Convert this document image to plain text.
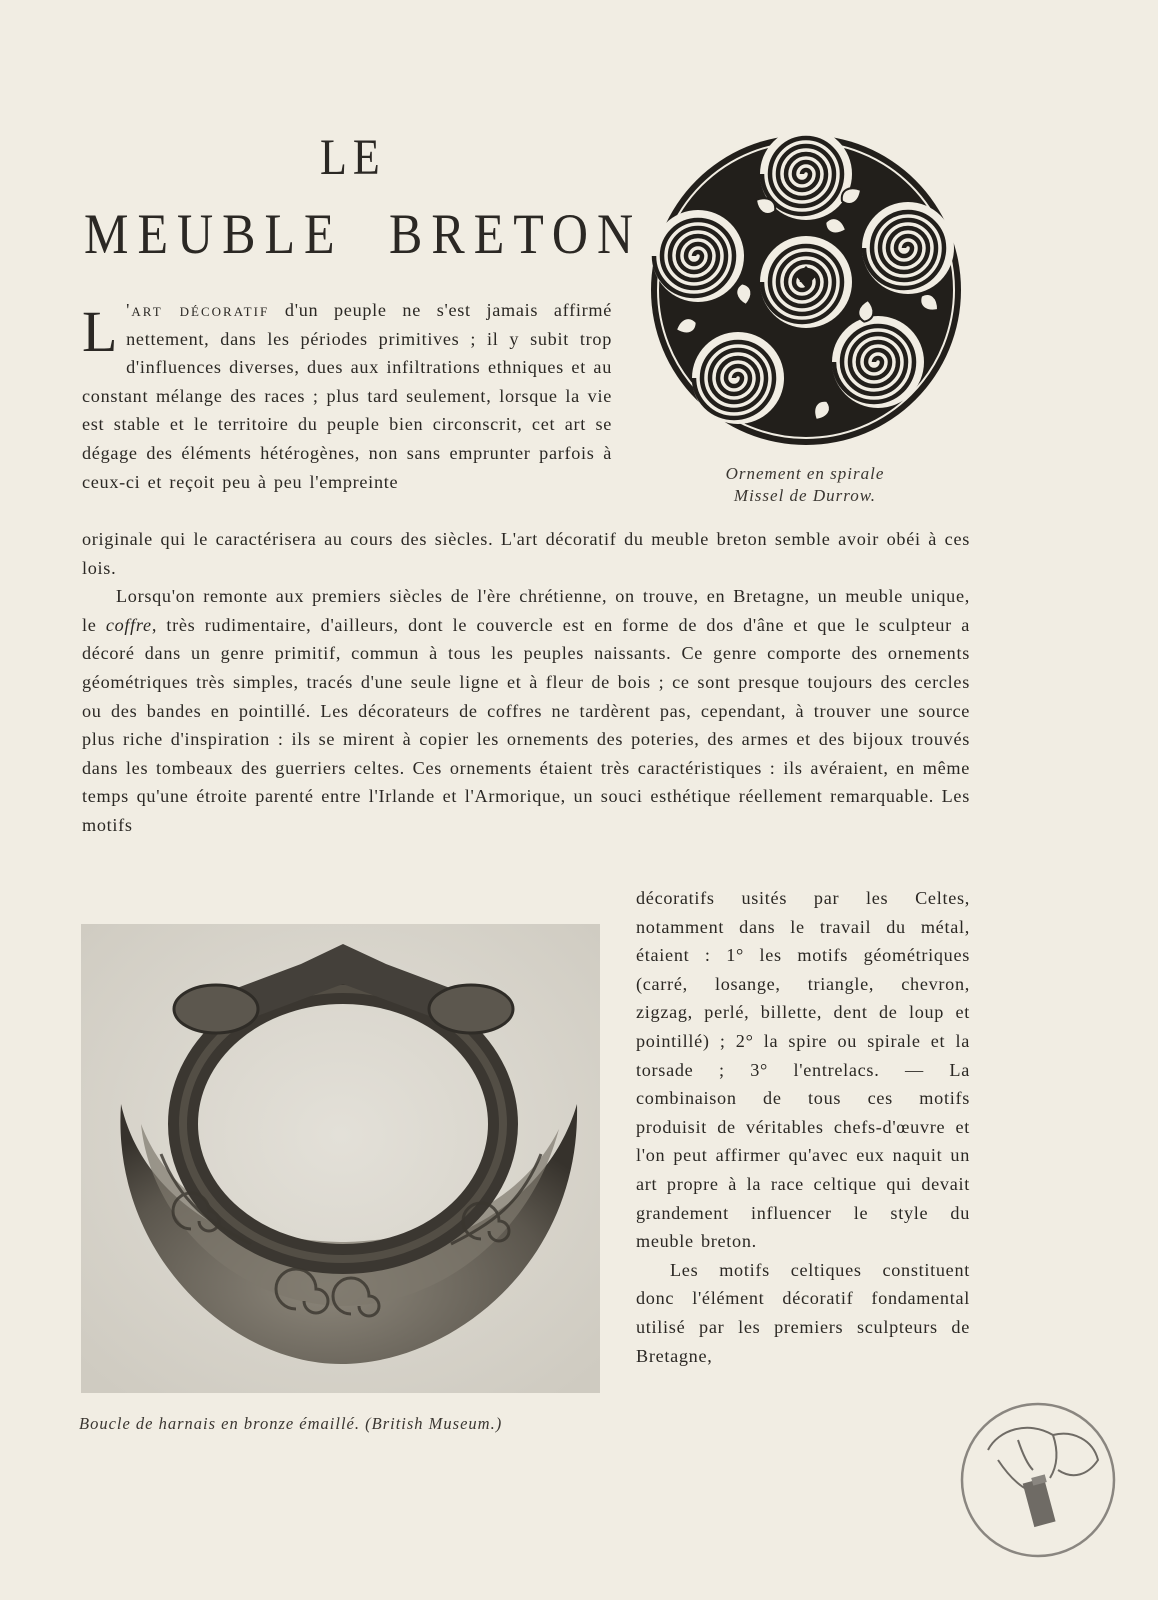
LE
MEUBLE BRETON
Ornement en spirale
Missel de Durrow.
L 'art décoratif d'un peuple ne s'est jamais affirmé nettement, dans les périodes primitives ; il y subit trop d'influences diverses, dues aux infiltrations ethniques et au constant mélange des races ; plus tard seulement, lorsque la vie est stable et le territoire du peuple bien circonscrit, cet art se dégage des éléments hétérogènes, non sans emprunter parfois à ceux-ci et reçoit peu à peu l'empreinte

originale qui le caractérisera au cours des siècles. L'art décoratif du meuble breton semble avoir obéi à ces lois.

Lorsqu'on remonte aux premiers siècles de l'ère chrétienne, on trouve, en Bretagne, un meuble unique, le coffre, très rudimentaire, d'ailleurs, dont le couvercle est en forme de dos d'âne et que le sculpteur a décoré dans un genre primitif, commun à tous les peuples naissants. Ce genre comporte des ornements géométriques très simples, tracés d'une seule ligne et à fleur de bois ; ce sont presque toujours des cercles ou des bandes en pointillé. Les décorateurs de coffres ne tardèrent pas, cependant, à trouver une source plus riche d'inspiration : ils se mirent à copier les ornements des poteries, des armes et des bijoux trouvés dans les tombeaux des guerriers celtes. Ces ornements étaient très caractéristiques : ils avéraient, en même temps qu'une étroite parenté entre l'Irlande et l'Armorique, un souci esthétique réellement remarquable. Les motifs

décoratifs usités par les Celtes, notamment dans le travail du métal, étaient : 1° les motifs géométriques (carré, losange, triangle, chevron, zigzag, perlé, billette, dent de loup et pointillé) ; 2° la spire ou spirale et la torsade ; 3° l'entrelacs. — La combinaison de tous ces motifs produisit de véritables chefs-d'œuvre et l'on peut affirmer qu'avec eux naquit un art propre à la race celtique qui devait grandement influencer le style du meuble breton.

Les motifs celtiques constituent donc l'élément décoratif fondamental utilisé par les premiers sculpteurs de Bretagne,

Boucle de harnais en bronze émaillé. (British Museum.)
